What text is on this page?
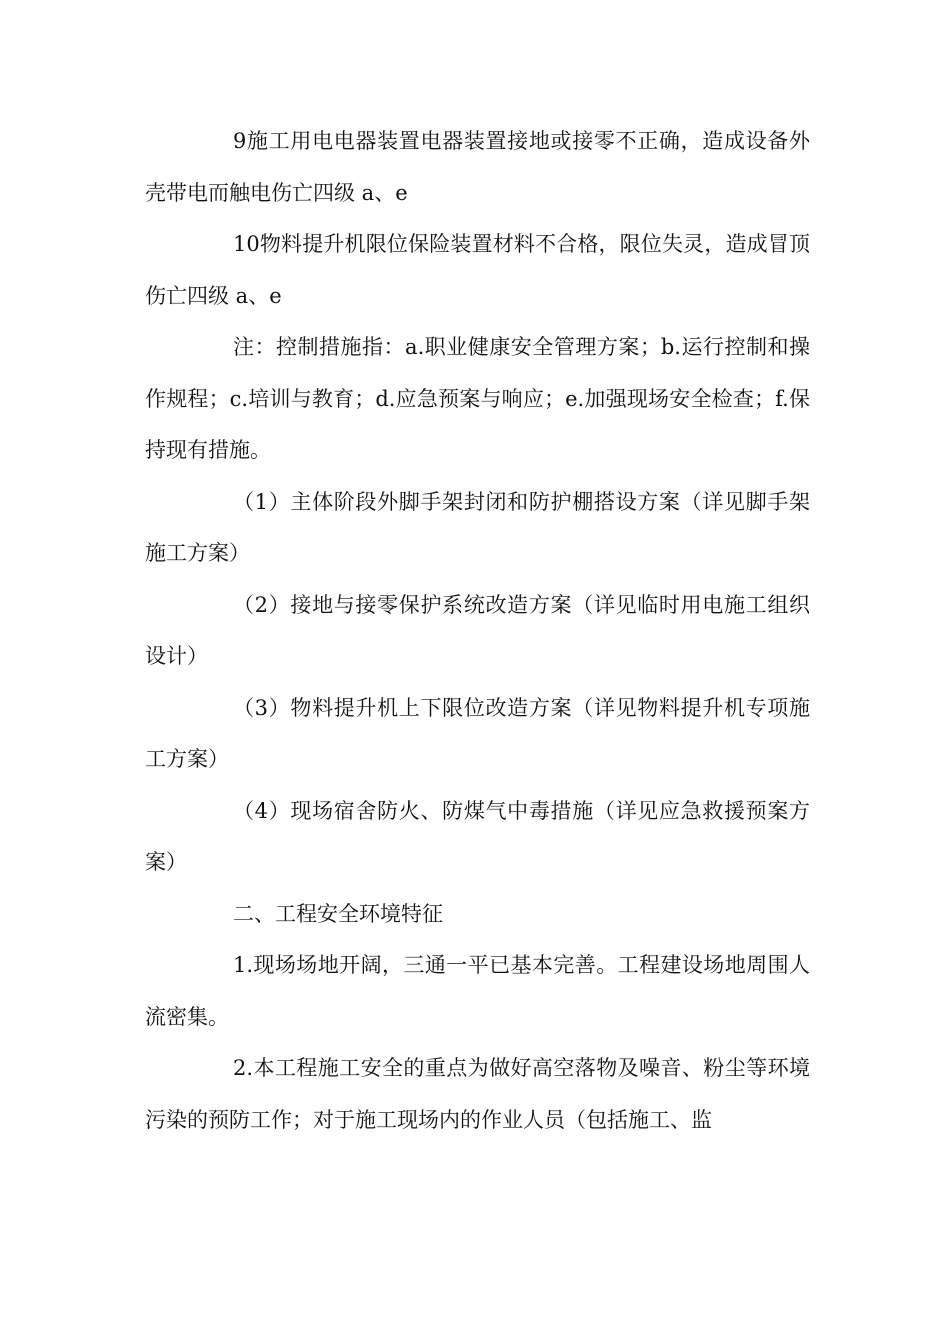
9施工用电电器装置电器装置接地或接零不正确，造成设备外壳带电而触电伤亡四级 a、e

10物料提升机限位保险装置材料不合格，限位失灵，造成冒顶伤亡四级 a、e

注：控制措施指：a.职业健康安全管理方案；b.运行控制和操作规程；c.培训与教育；d.应急预案与响应；e.加强现场安全检查；f.保持现有措施。

（1）主体阶段外脚手架封闭和防护棚搭设方案（详见脚手架施工方案）

（2）接地与接零保护系统改造方案（详见临时用电施工组织设计）

（3）物料提升机上下限位改造方案（详见物料提升机专项施工方案）

（4）现场宿舍防火、防煤气中毒措施（详见应急救援预案方案）

二、工程安全环境特征

1.现场场地开阔，三通一平已基本完善。工程建设场地周围人流密集。

2.本工程施工安全的重点为做好高空落物及噪音、粉尘等环境污染的预防工作；对于施工现场内的作业人员（包括施工、监
